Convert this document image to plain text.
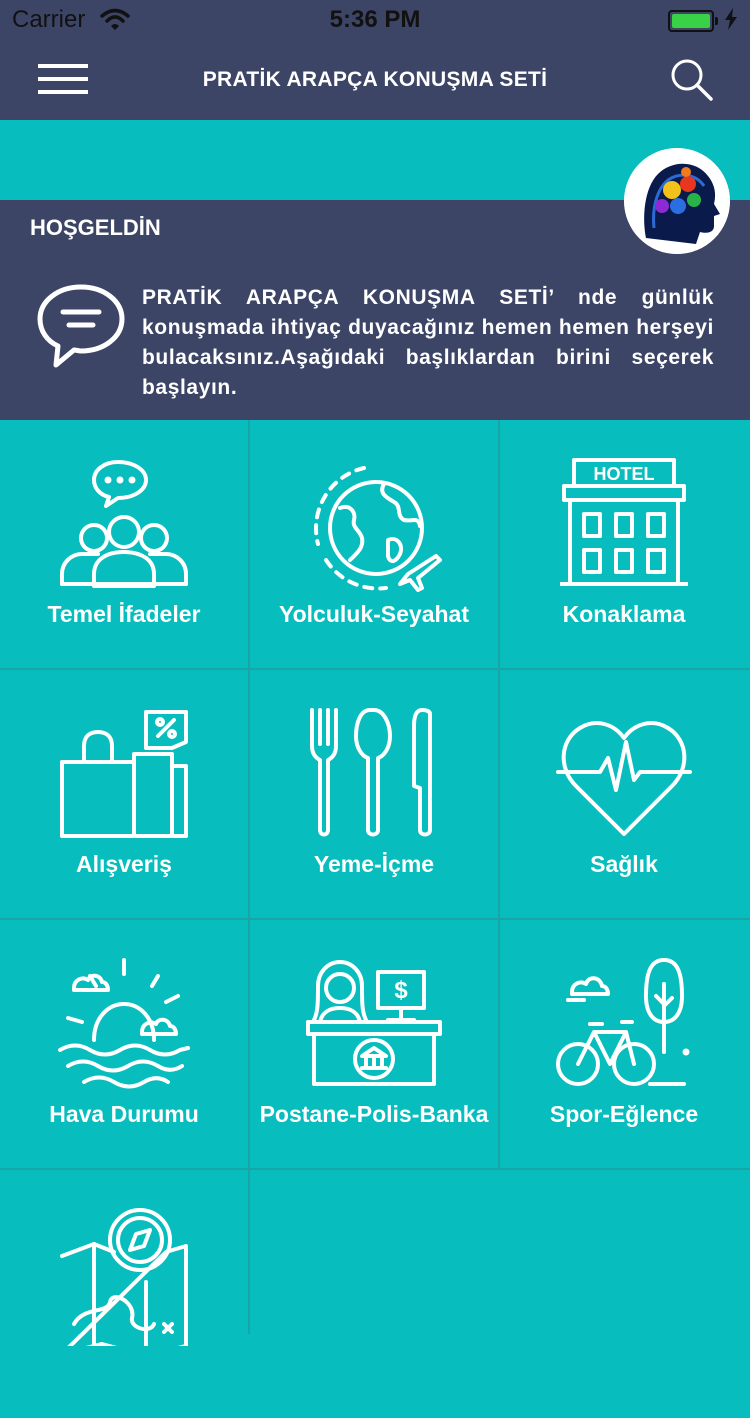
Carrier	5:36 PM
PRATİK ARAPÇA KONUŞMA SETİ
HOŞGELDİN
PRATİK ARAPÇA KONUŞMA SETİ’ nde günlük konuşmada ihtiyaç duyacağınız hemen hemen herşeyi bulacaksınız.Aşağıdaki başlıklardan birini seçerek başlayın.
Temel İfadeler	Yolculuk-Seyahat
HOTEL
Konaklama
Alışveriş	Yeme-İçme	Sağlık
Hava Durumu
$
Postane-Polis-Banka	Spor-Eğlence
